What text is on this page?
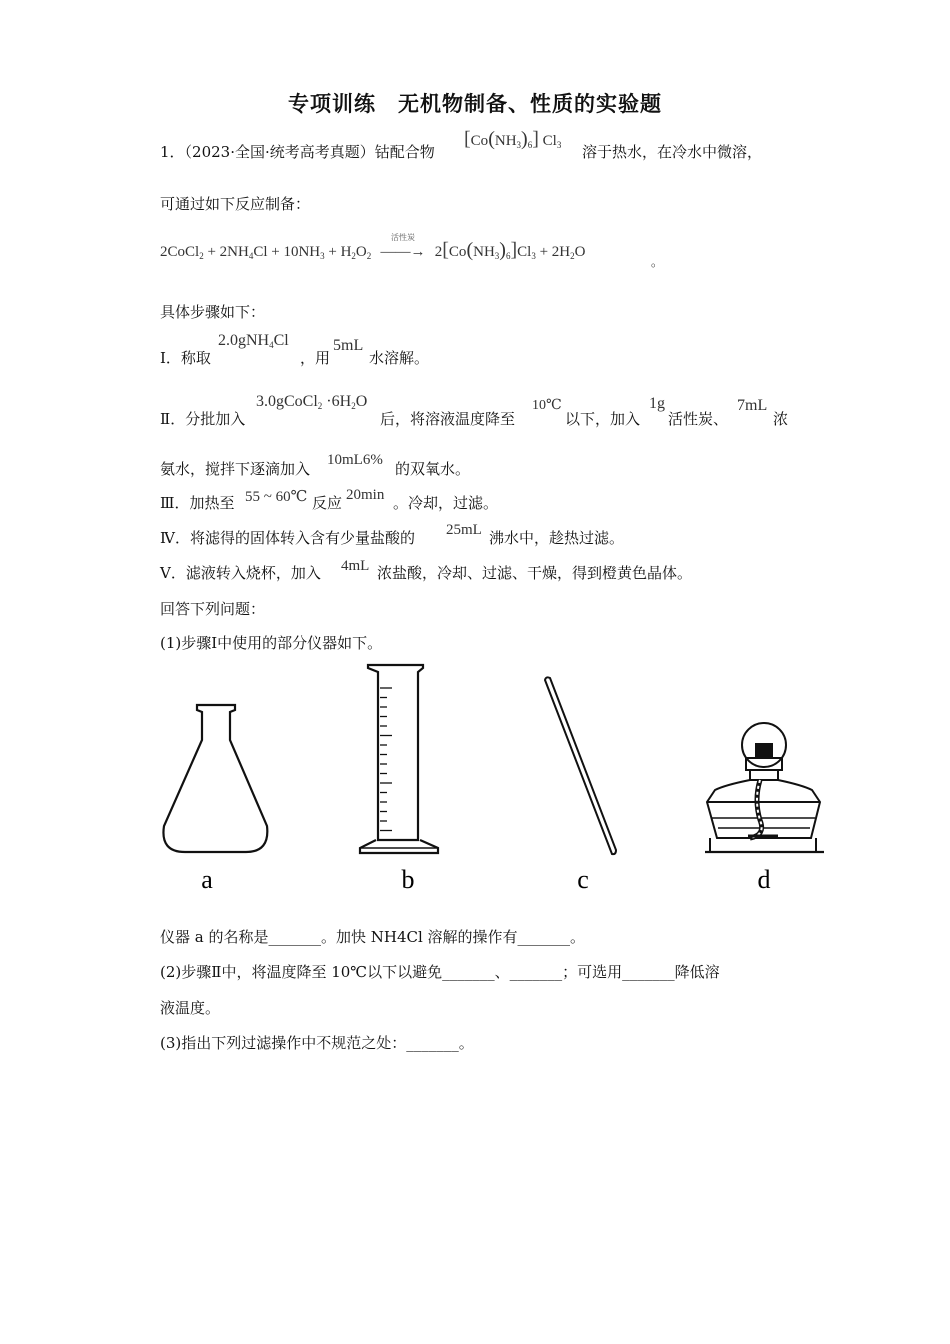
专项训练　无机物制备、性质的实验题
1．（2023·全国·统考高考真题）钴配合物
$[Co(NH_3)_6]$ $Cl_3$ 溶于热水，在冷水中微溶，
可通过如下反应制备：
2CoCl$_2$ + $2NH_4Cl + 10NH_3 + H_2O_2$
活性炭
――→ $2[Co(NH_3)_6]Cl_3 + 2H_2O$
。
具体步骤如下：
Ⅰ．称取
2.0gNH$_4$Cl
，用
5mL
水溶解。
Ⅱ．分批加入
3.0gCoCl$_2$ $\cdot 6H_2O$
后，将溶液温度降至
10℃
以下，加入
1g
活性炭、
7mL
浓
氨水，搅拌下逐滴加入 10mL6% 的双氧水。
Ⅲ．加热至 55 ~ 60℃ 反应 20min 。冷却，过滤。
Ⅳ．将滤得的固体转入含有少量盐酸的 25mL 沸水中，趁热过滤。
Ⅴ．滤液转入烧杯，加入 4mL 浓盐酸，冷却、过滤、干燥，得到橙黄色晶体。
回答下列问题：
(1)步骤Ⅰ中使用的部分仪器如下。
a	b	c	d
仪器 a 的名称是_______。加快 NH4Cl 溶解的操作有_______。
(2)步骤Ⅱ中，将温度降至 10℃以下以避免_______、_______；可选用_______降低溶
液温度。
(3)指出下列过滤操作中不规范之处：_______。
